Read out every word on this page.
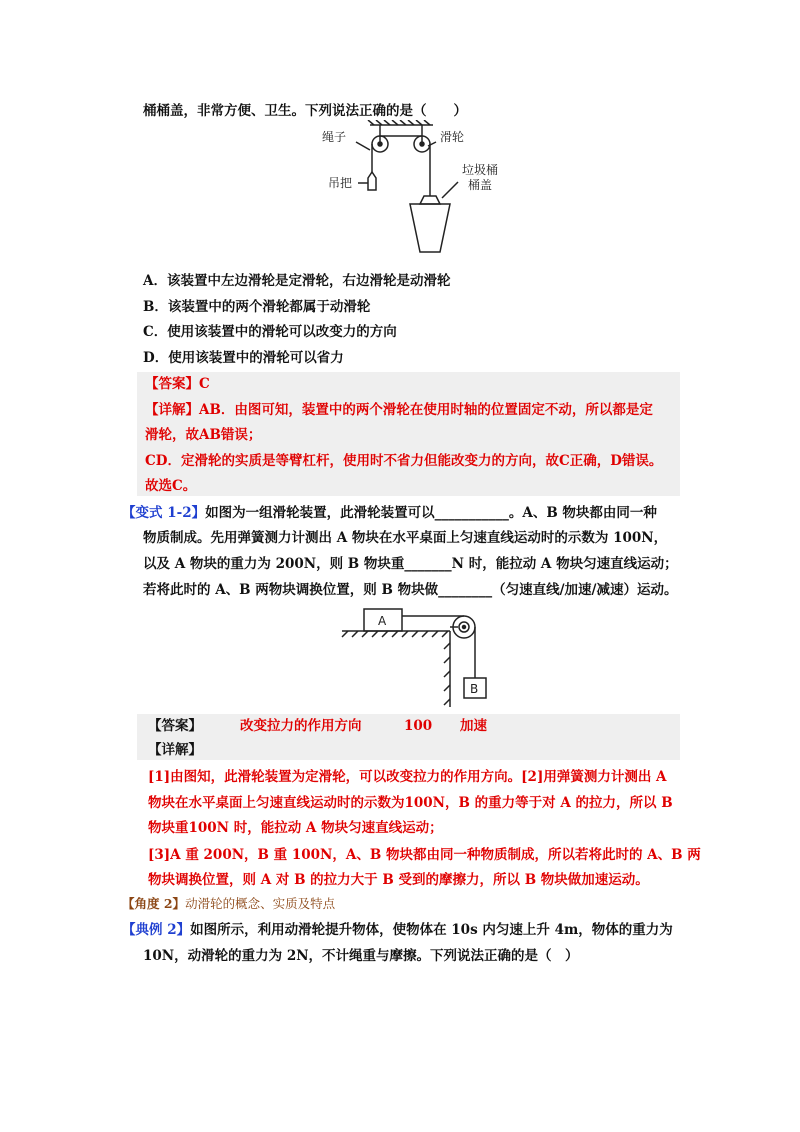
桶桶盖，非常方便、卫生。下列说法正确的是（　　）
绳子	滑轮
吊把
垃圾桶
桶盖
A．该装置中左边滑轮是定滑轮，右边滑轮是动滑轮
B．该装置中的两个滑轮都属于动滑轮
C．使用该装置中的滑轮可以改变力的方向
D．使用该装置中的滑轮可以省力
【答案】C
【详解】AB．由图可知，装置中的两个滑轮在使用时轴的位置固定不动，所以都是定
滑轮，故AB错误；
CD．定滑轮的实质是等臂杠杆，使用时不省力但能改变力的方向，故C正确，D错误。
故选C。
【变式 1-2】如图为一组滑轮装置，此滑轮装置可以___________。A、B 物块都由同一种
物质制成。先用弹簧测力计测出 A 物块在水平桌面上匀速直线运动时的示数为 100N，
以及 A 物块的重力为 200N，则 B 物块重_______N 时，能拉动 A 物块匀速直线运动；
若将此时的 A、B 两物块调换位置，则 B 物块做________（匀速直线/加速/减速）运动。
A
B
【答案】	改变拉力的作用方向	100 加速
【详解】
[1]由图知，此滑轮装置为定滑轮，可以改变拉力的作用方向。[2]用弹簧测力计测出 A
物块在水平桌面上匀速直线运动时的示数为100N，B 的重力等于对 A 的拉力，所以 B
物块重100N 时，能拉动 A 物块匀速直线运动；
[3]A 重 200N，B 重 100N，A、B 物块都由同一种物质制成，所以若将此时的 A、B 两
物块调换位置，则 A 对 B 的拉力大于 B 受到的摩擦力，所以 B 物块做加速运动。
【角度 2】动滑轮的概念、实质及特点
【典例 2】如图所示，利用动滑轮提升物体，使物体在 10s 内匀速上升 4m，物体的重力为
10N，动滑轮的重力为 2N，不计绳重与摩擦。下列说法正确的是（　）
